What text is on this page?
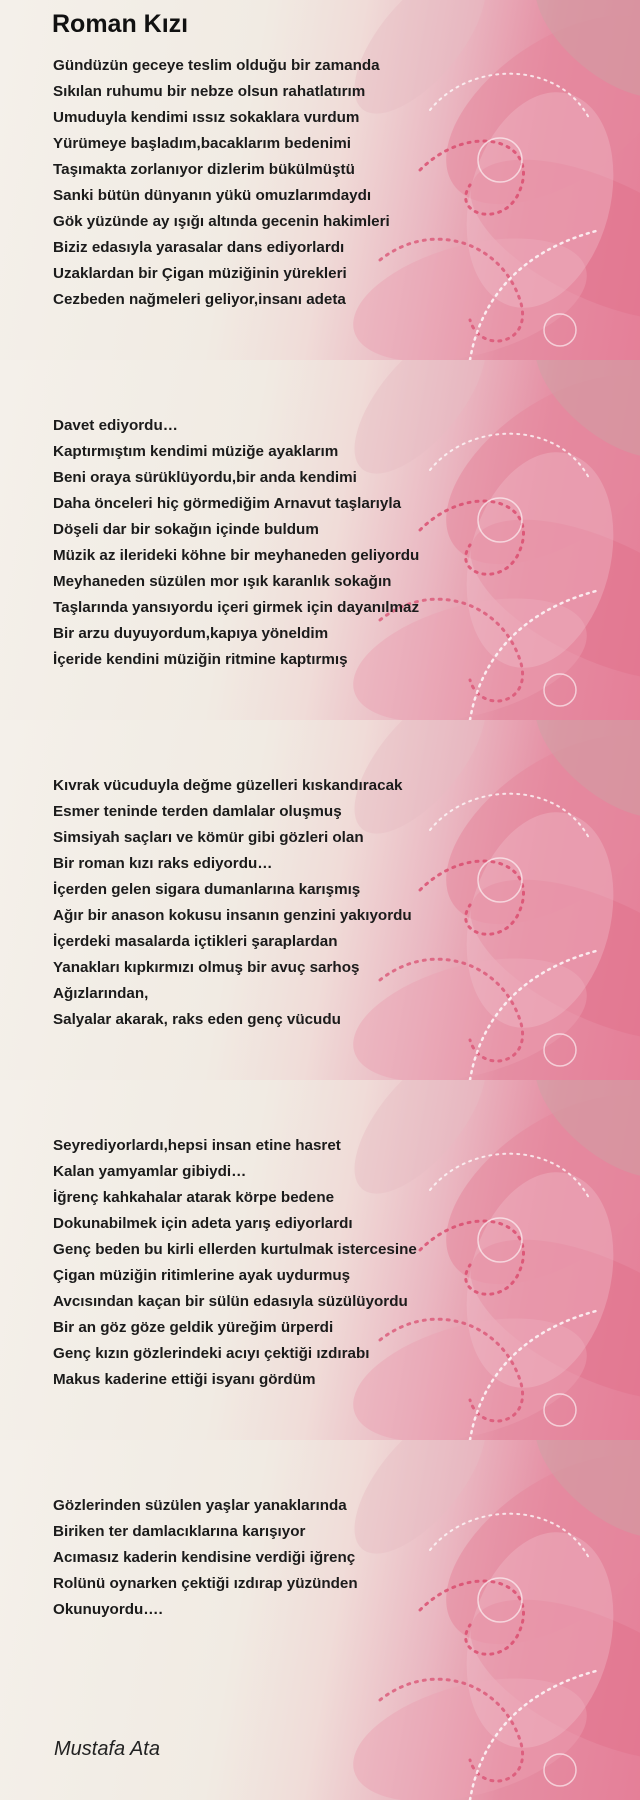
Roman Kızı
Gündüzün geceye teslim olduğu bir zamanda
Sıkılan ruhumu bir nebze olsun rahatlatırım
Umuduyla kendimi ıssız sokaklara vurdum
Yürümeye başladım,bacaklarım bedenimi
Taşımakta zorlanıyor dizlerim bükülmüştü
Sanki bütün dünyanın yükü omuzlarımdaydı
Gök yüzünde ay ışığı altında gecenin hakimleri
Biziz edasıyla yarasalar dans ediyorlardı
Uzaklardan bir Çigan müziğinin yürekleri
Cezbeden nağmeleri geliyor,insanı adeta
Davet ediyordu…
Kaptırmıştım kendimi müziğe ayaklarım
Beni oraya sürüklüyordu,bir anda kendimi
Daha önceleri hiç görmediğim Arnavut taşlarıyla
Döşeli dar bir sokağın içinde buldum
Müzik az ilerideki köhne bir meyhaneden geliyordu
Meyhaneden süzülen mor ışık karanlık sokağın
Taşlarında yansıyordu içeri girmek için dayanılmaz
Bir arzu duyuyordum,kapıya yöneldim
İçeride kendini müziğin ritmine kaptırmış
Kıvrak vücuduyla değme güzelleri kıskandıracak
Esmer teninde terden damlalar oluşmuş
Simsiyah saçları ve kömür gibi gözleri olan
Bir roman kızı raks ediyordu…
İçerden gelen sigara dumanlarına karışmış
Ağır bir anason kokusu insanın genzini yakıyordu
İçerdeki masalarda içtikleri şaraplardan
Yanakları kıpkırmızı olmuş bir avuç sarhoş
Ağızlarından,
Salyalar akarak, raks eden genç vücudu
Seyrediyorlardı,hepsi insan etine hasret
Kalan yamyamlar gibiydi…
İğrenç kahkahalar atarak körpe bedene
Dokunabilmek için adeta yarış ediyorlardı
Genç beden bu kirli ellerden kurtulmak istercesine
Çigan müziğin ritimlerine ayak uydurmuş
Avcısından kaçan bir sülün edasıyla süzülüyordu
Bir an göz göze geldik yüreğim ürperdi
Genç kızın gözlerindeki acıyı çektiği ızdırabı
Makus kaderine ettiği isyanı gördüm
Gözlerinden süzülen yaşlar yanaklarında
Biriken ter damlacıklarına karışıyor
Acımasız kaderin kendisine verdiği iğrenç
Rolünü oynarken çektiği ızdırap yüzünden
Okunuyordu….
Mustafa Ata
